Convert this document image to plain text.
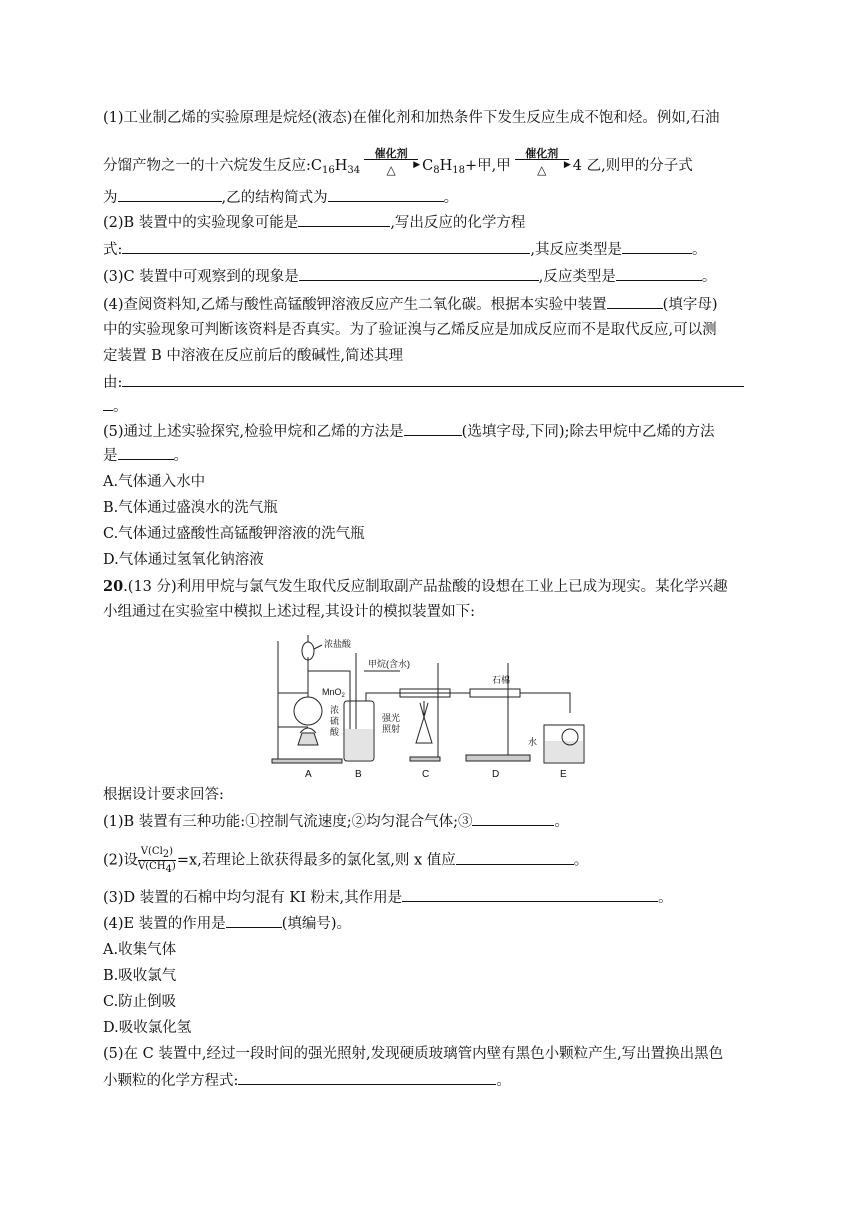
(1)工业制乙烯的实验原理是烷烃(液态)在催化剂和加热条件下发生反应生成不饱和烃。例如,石油
分馏产物之一的十六烷发生反应$:C_{16}H_{34}$
催化剂
▶
△	$C_8H_{18}+$甲,甲
催化剂
▶
△	4 乙,则甲的分子式
为	,乙的结构简式为	。
(2)B 装置中的实验现象可能是	,写出反应的化学方程
式:	,其反应类型是	。
(3)C 装置中可观察到的现象是	,反应类型是	。
(4)查阅资料知,乙烯与酸性高锰酸钾溶液反应产生二氧化碳。根据本实验中装置	(填字母)
中的实验现象可判断该资料是否真实。为了验证溴与乙烯反应是加成反应而不是取代反应,可以测
定装置 B 中溶液在反应前后的酸碱性,简述其理
由:
。
(5)通过上述实验探究,检验甲烷和乙烯的方法是	(选填字母,下同);除去甲烷中乙烯的方法
是	。
A.气体通入水中
B.气体通过盛溴水的洗气瓶
C.气体通过盛酸性高锰酸钾溶液的洗气瓶
D.气体通过氢氧化钠溶液
20.(13 分)利用甲烷与氯气发生取代反应制取副产品盐酸的设想在工业上已成为现实。某化学兴趣
小组通过在实验室中模拟上述过程,其设计的模拟装置如下:
浓盐酸
MnO$_2$
甲烷(含水)
浓 硫 酸
强光 照射
石棉
水
A	B	C	D	E
根据设计要求回答:
(1)B 装置有三种功能:①控制气流速度;②均匀混合气体;③	。
(2)设 $\frac{V(Cl_2)}{V(CH_4)} =x$,若理论上欲获得最多的氯化氢,则 x 值应	。
(3)D 装置的石棉中均匀混有 KI 粉末,其作用是	。
(4)E 装置的作用是	(填编号)。
A.收集气体
B.吸收氯气
C.防止倒吸
D.吸收氯化氢
(5)在 C 装置中,经过一段时间的强光照射,发现硬质玻璃管内壁有黑色小颗粒产生,写出置换出黑色
小颗粒的化学方程式:	。
